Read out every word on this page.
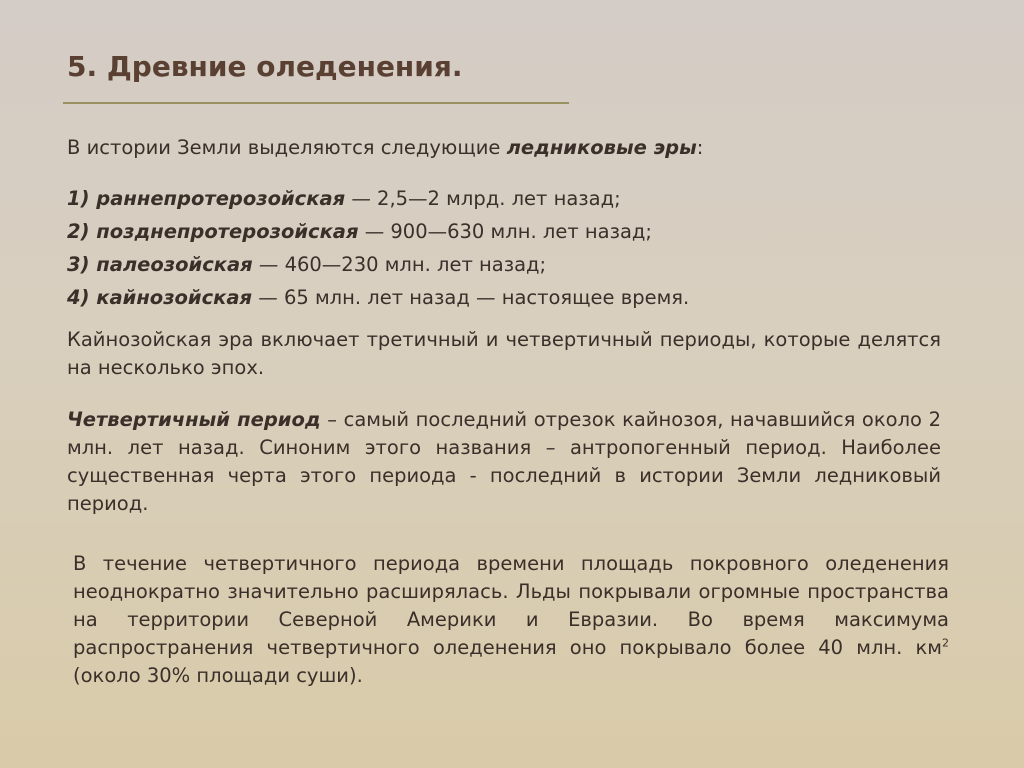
5. Древние оледенения.
В истории Земли выделяются следующие ледниковые эры:
1) раннепротерозойская — 2,5—2 млрд. лет назад;
2) позднепротерозойская — 900—630 млн. лет назад;
3) палеозойская — 460—230 млн. лет назад;
4) кайнозойская — 65 млн. лет назад — настоящее время.
Кайнозойская эра включает третичный и четвертичный периоды, которые делятся на несколько эпох.
Четвертичный период – самый последний отрезок кайнозоя, начавшийся около 2 млн. лет назад. Синоним этого названия – антропогенный период. Наиболее существенная черта этого периода - последний в истории Земли ледниковый период.
В течение четвертичного периода времени площадь покровного оледенения неоднократно значительно расширялась. Льды покрывали огромные пространства на территории Северной Америки и Евразии. Во время максимума распространения четвертичного оледенения оно покрывало более 40 млн. $км^2$ (около 30% площади суши).
